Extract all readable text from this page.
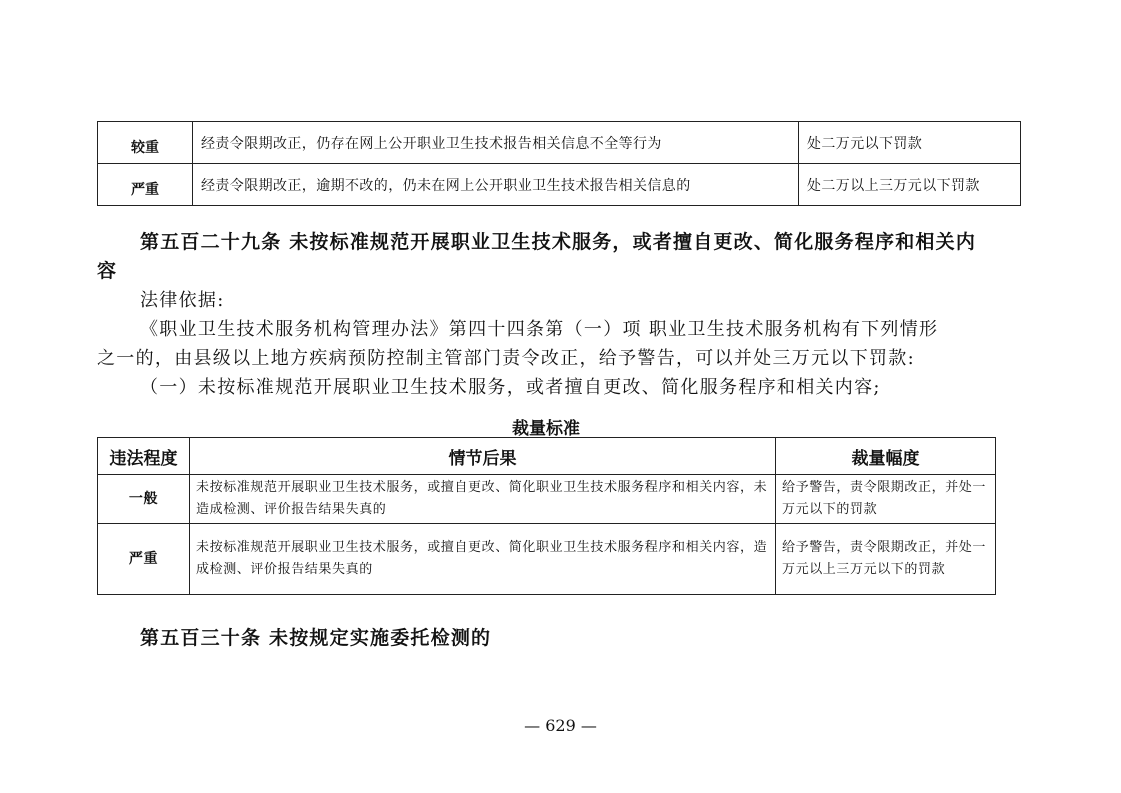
较重	经责令限期改正，仍存在网上公开职业卫生技术报告相关信息不全等行为	处二万元以下罚款
严重	经责令限期改正，逾期不改的，仍未在网上公开职业卫生技术报告相关信息的	处二万以上三万元以下罚款
第五百二十九条 未按标准规范开展职业卫生技术服务，或者擅自更改、简化服务程序和相关内
容
法律依据:
《职业卫生技术服务机构管理办法》第四十四条第（一）项 职业卫生技术服务机构有下列情形
之一的，由县级以上地方疾病预防控制主管部门责令改正，给予警告，可以并处三万元以下罚款:
（一）未按标准规范开展职业卫生技术服务，或者擅自更改、简化服务程序和相关内容;
裁量标准
违法程度	情节后果	裁量幅度
一般	未按标准规范开展职业卫生技术服务，或擅自更改、简化职业卫生技术服务程序和相关内容，未造成检测、评价报告结果失真的	给予警告，责令限期改正，并处一万元以下的罚款
严重	未按标准规范开展职业卫生技术服务，或擅自更改、简化职业卫生技术服务程序和相关内容，造成检测、评价报告结果失真的	给予警告，责令限期改正，并处一万元以上三万元以下的罚款
第五百三十条 未按规定实施委托检测的
— 629 —
